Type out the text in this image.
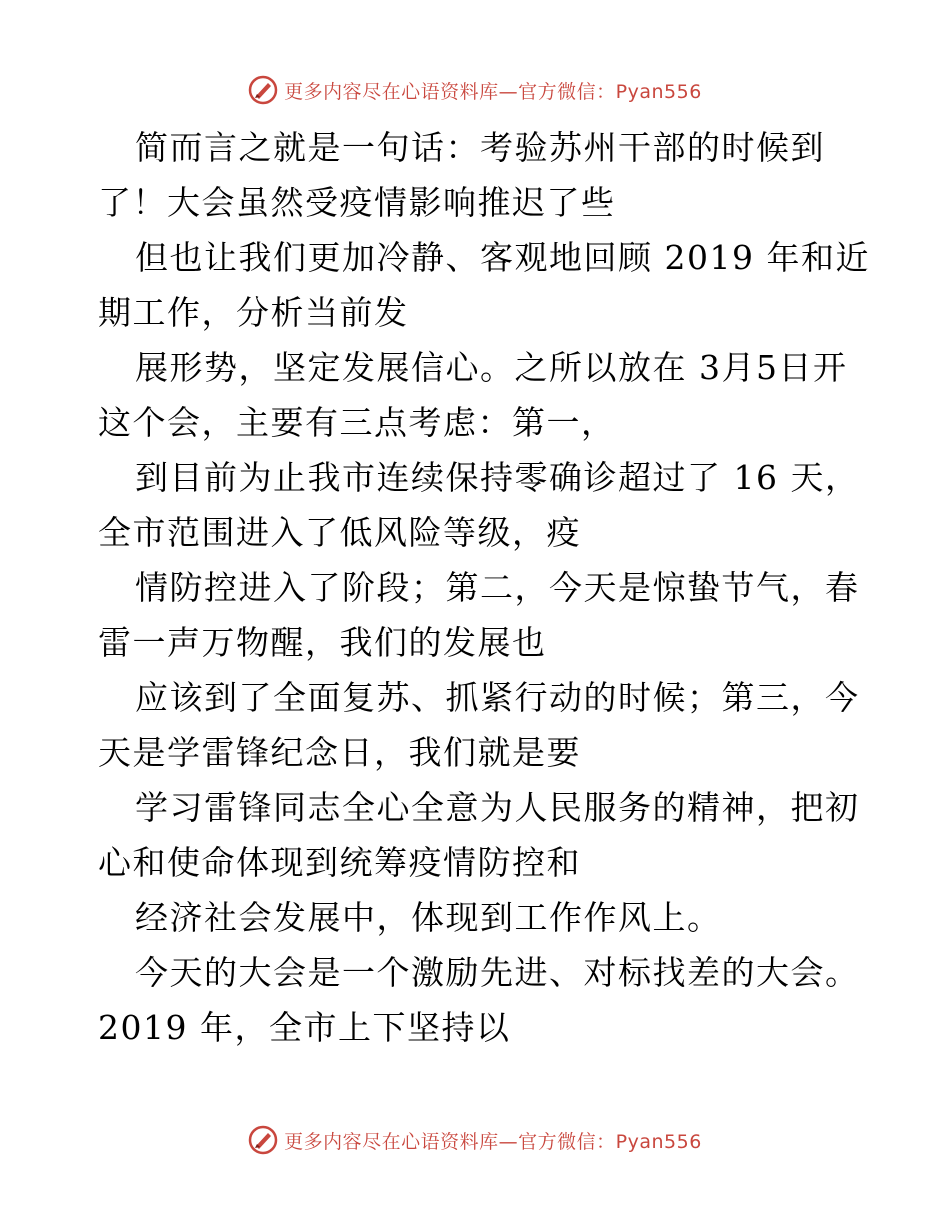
更多内容尽在心语资料库—官方微信：Pyan556
简而言之就是一句话：考验苏州干部的时候到
了！大会虽然受疫情影响推迟了些
但也让我们更加冷静、客观地回顾 2019 年和近
期工作，分析当前发
展形势，坚定发展信心。之所以放在 3月5日开
这个会，主要有三点考虑：第一，
到目前为止我市连续保持零确诊超过了 16 天，
全市范围进入了低风险等级，疫
情防控进入了阶段；第二，今天是惊蛰节气，春
雷一声万物醒，我们的发展也
应该到了全面复苏、抓紧行动的时候；第三，今
天是学雷锋纪念日，我们就是要
学习雷锋同志全心全意为人民服务的精神，把初
心和使命体现到统筹疫情防控和
经济社会发展中，体现到工作作风上。
今天的大会是一个激励先进、对标找差的大会。
2019 年，全市上下坚持以
更多内容尽在心语资料库—官方微信：Pyan556
